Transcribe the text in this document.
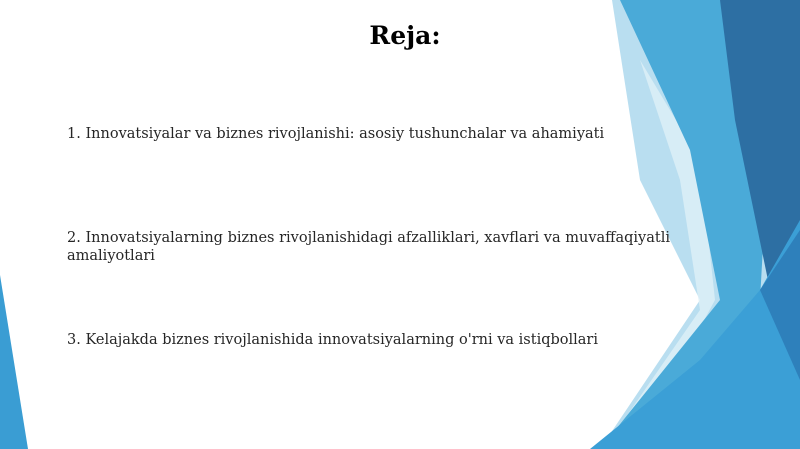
Reja:
1. Innovatsiyalar va biznes rivojlanishi: asosiy tushunchalar va ahamiyati
2. Innovatsiyalarning biznes rivojlanishidagi afzalliklari, xavflari va muvaffaqiyatli amaliyotlari
3. Kelajakda biznes rivojlanishida innovatsiyalarning o'rni va istiqbollari
